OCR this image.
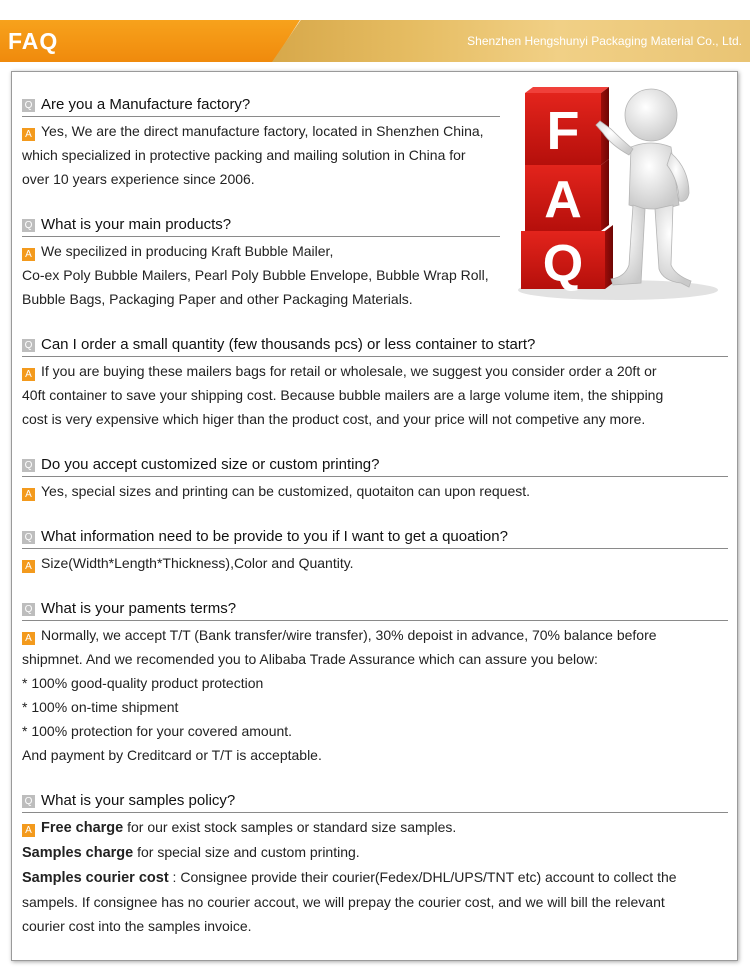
FAQ	Shenzhen Hengshunyi Packaging Material Co., Ltd.
F
A
Q
Q Are you a Manufacture factory?

A Yes, We are the direct manufacture factory, located in Shenzhen China,

which specialized in protective packing and mailing solution in China for

over 10 years experience since 2006.

Q What is your main products?

A We specilized in producing Kraft Bubble Mailer,

Co-ex Poly Bubble Mailers, Pearl Poly Bubble Envelope, Bubble Wrap Roll,

Bubble Bags, Packaging Paper and other Packaging Materials.

Q Can I order a small quantity (few thousands pcs) or less container to start?

A If you are buying these mailers bags for retail or wholesale, we suggest you consider order a 20ft or

40ft container to save your shipping cost. Because bubble mailers are a large volume item, the shipping

cost is very expensive which higer than the product cost, and your price will not competive any more.

Q Do you accept customized size or custom printing?

A Yes, special sizes and printing can be customized, quotaiton can upon request.

Q What information need to be provide to you if I want to get a quoation?

A Size(Width*Length*Thickness),Color and Quantity.

Q What is your paments terms?

A Normally, we accept T/T (Bank transfer/wire transfer), 30% depoist in advance, 70% balance before

shipmnet. And we recomended you to Alibaba Trade Assurance which can assure you below:

* 100% good-quality product protection

* 100% on-time shipment

* 100% protection for your covered amount.

And payment by Creditcard or T/T is acceptable.

Q What is your samples policy?

A Free charge for our exist stock samples or standard size samples.

Samples charge for special size and custom printing.

Samples courier cost : Consignee provide their courier(Fedex/DHL/UPS/TNT etc) account to collect the

sampels. If consignee has no courier accout, we will prepay the courier cost, and we will bill the relevant

courier cost into the samples invoice.
